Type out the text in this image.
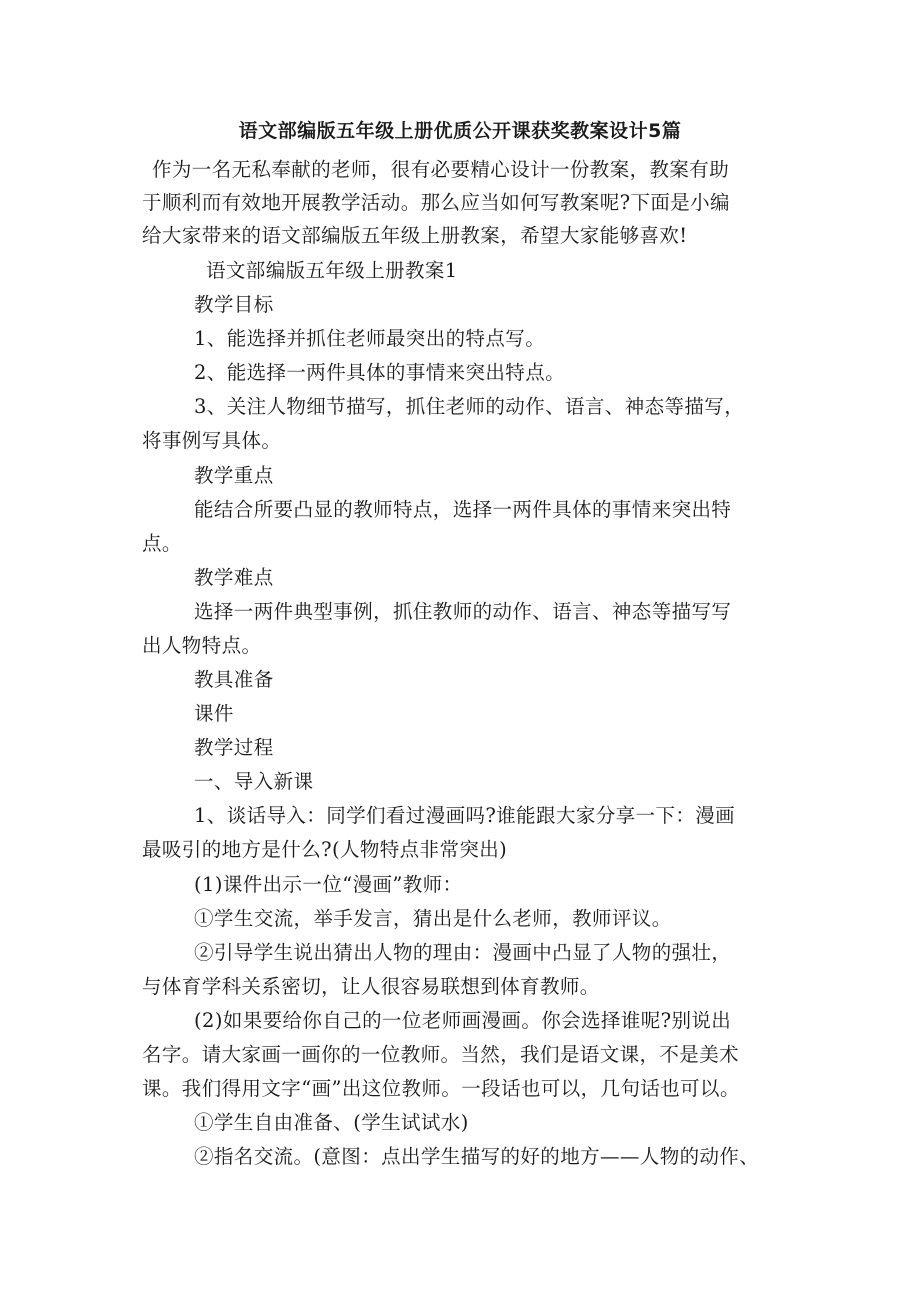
语文部编版五年级上册优质公开课获奖教案设计5篇
作为一名无私奉献的老师，很有必要精心设计一份教案，教案有助
于顺利而有效地开展教学活动。那么应当如何写教案呢?下面是小编
给大家带来的语文部编版五年级上册教案，希望大家能够喜欢!
语文部编版五年级上册教案1
教学目标
1、能选择并抓住老师最突出的特点写。
2、能选择一两件具体的事情来突出特点。
3、关注人物细节描写，抓住老师的动作、语言、神态等描写，
将事例写具体。
教学重点
能结合所要凸显的教师特点，选择一两件具体的事情来突出特
点。
教学难点
选择一两件典型事例，抓住教师的动作、语言、神态等描写写
出人物特点。
教具准备
课件
教学过程
一、导入新课
1、谈话导入：同学们看过漫画吗?谁能跟大家分享一下：漫画
最吸引的地方是什么?(人物特点非常突出)
(1)课件出示一位“漫画”教师：
①学生交流，举手发言，猜出是什么老师，教师评议。
②引导学生说出猜出人物的理由：漫画中凸显了人物的强壮，
与体育学科关系密切，让人很容易联想到体育教师。
(2)如果要给你自己的一位老师画漫画。你会选择谁呢?别说出
名字。请大家画一画你的一位教师。当然，我们是语文课，不是美术
课。我们得用文字“画”出这位教师。一段话也可以，几句话也可以。
①学生自由准备、(学生试试水)
②指名交流。(意图：点出学生描写的好的地方——人物的动作、
